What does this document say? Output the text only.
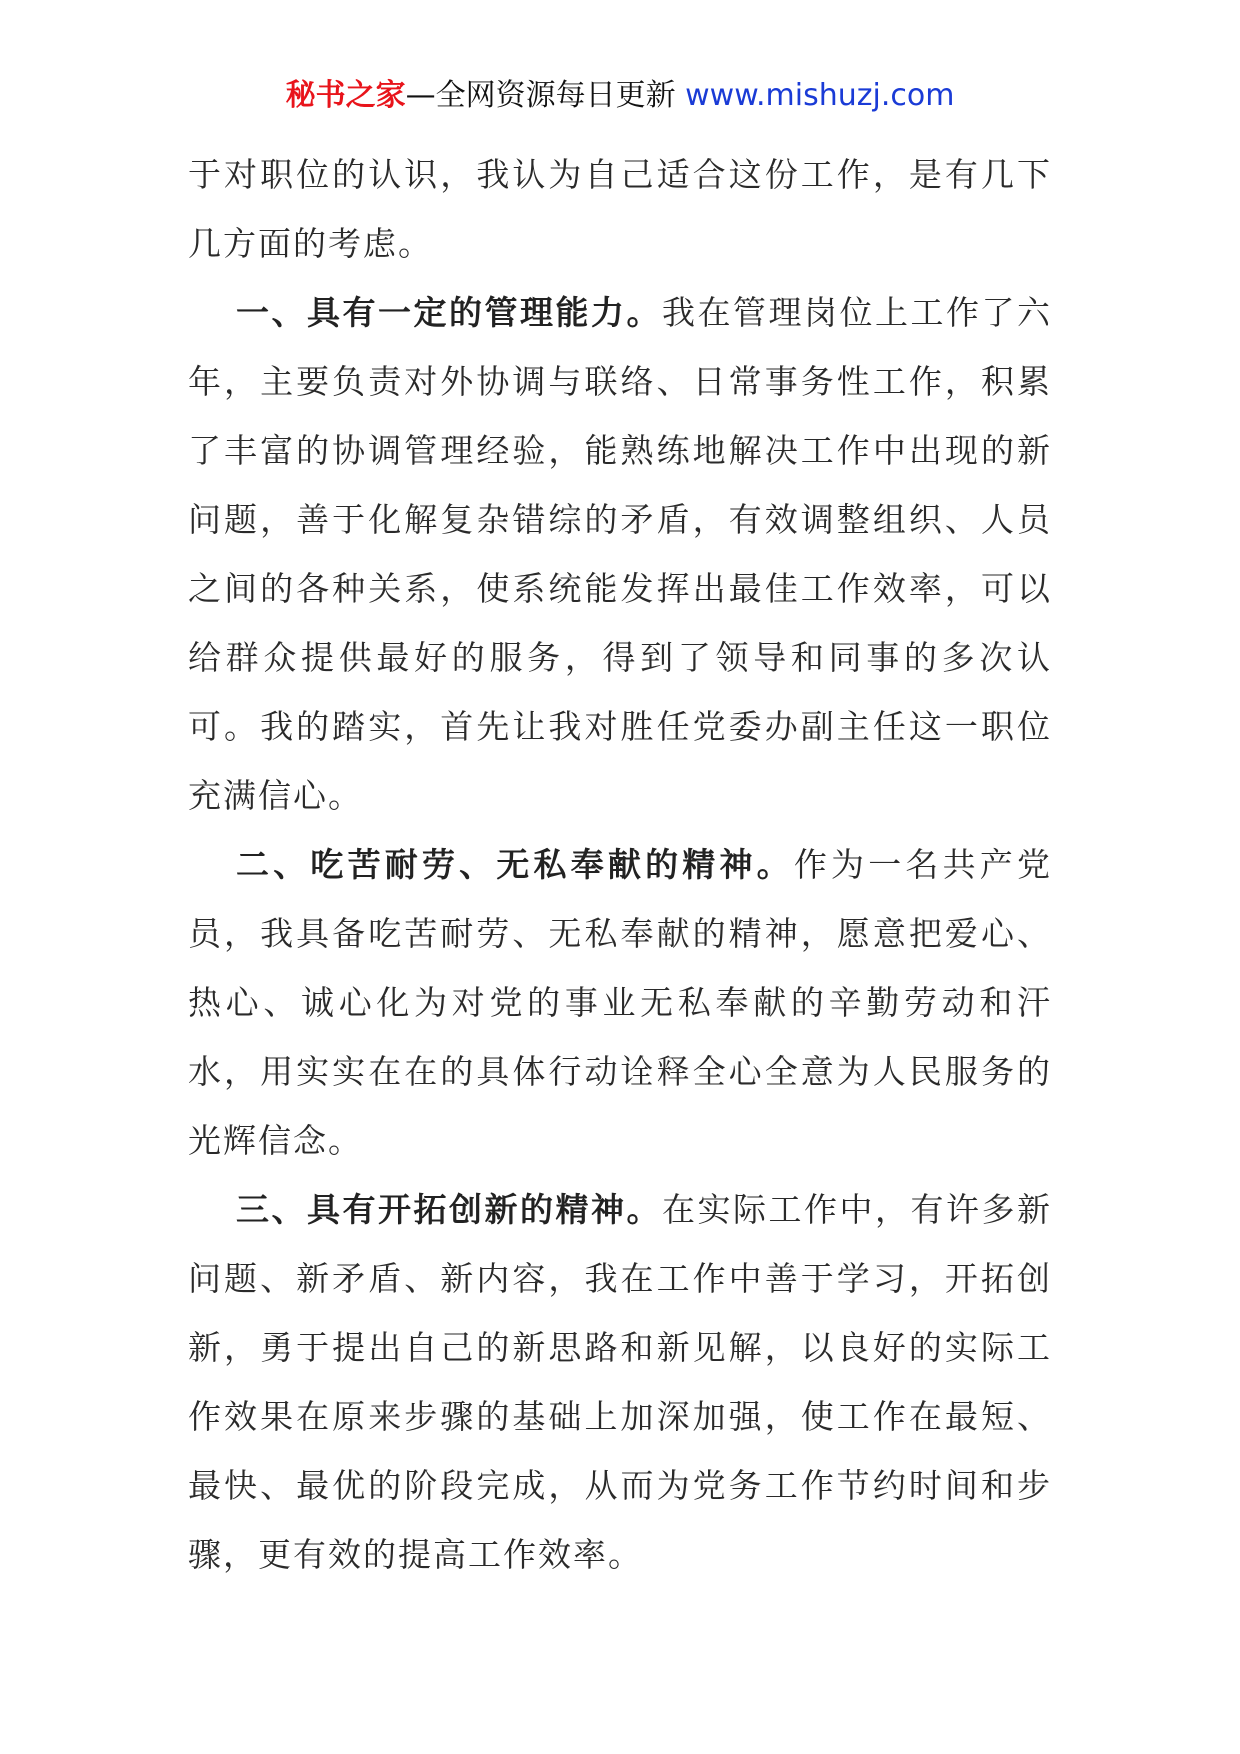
秘书之家—全网资源每日更新 www.mishuzj.com

于对职位的认识，我认为自己适合这份工作，是有几下几方面的考虑。

一、具有一定的管理能力。我在管理岗位上工作了六年，主要负责对外协调与联络、日常事务性工作，积累了丰富的协调管理经验，能熟练地解决工作中出现的新问题，善于化解复杂错综的矛盾，有效调整组织、人员之间的各种关系，使系统能发挥出最佳工作效率，可以给群众提供最好的服务，得到了领导和同事的多次认可。我的踏实，首先让我对胜任党委办副主任这一职位充满信心。

二、吃苦耐劳、无私奉献的精神。作为一名共产党员，我具备吃苦耐劳、无私奉献的精神，愿意把爱心、热心、诚心化为对党的事业无私奉献的辛勤劳动和汗水，用实实在在的具体行动诠释全心全意为人民服务的光辉信念。

三、具有开拓创新的精神。在实际工作中，有许多新问题、新矛盾、新内容，我在工作中善于学习，开拓创新，勇于提出自己的新思路和新见解，以良好的实际工作效果在原来步骤的基础上加深加强，使工作在最短、最快、最优的阶段完成，从而为党务工作节约时间和步骤，更有效的提高工作效率。
